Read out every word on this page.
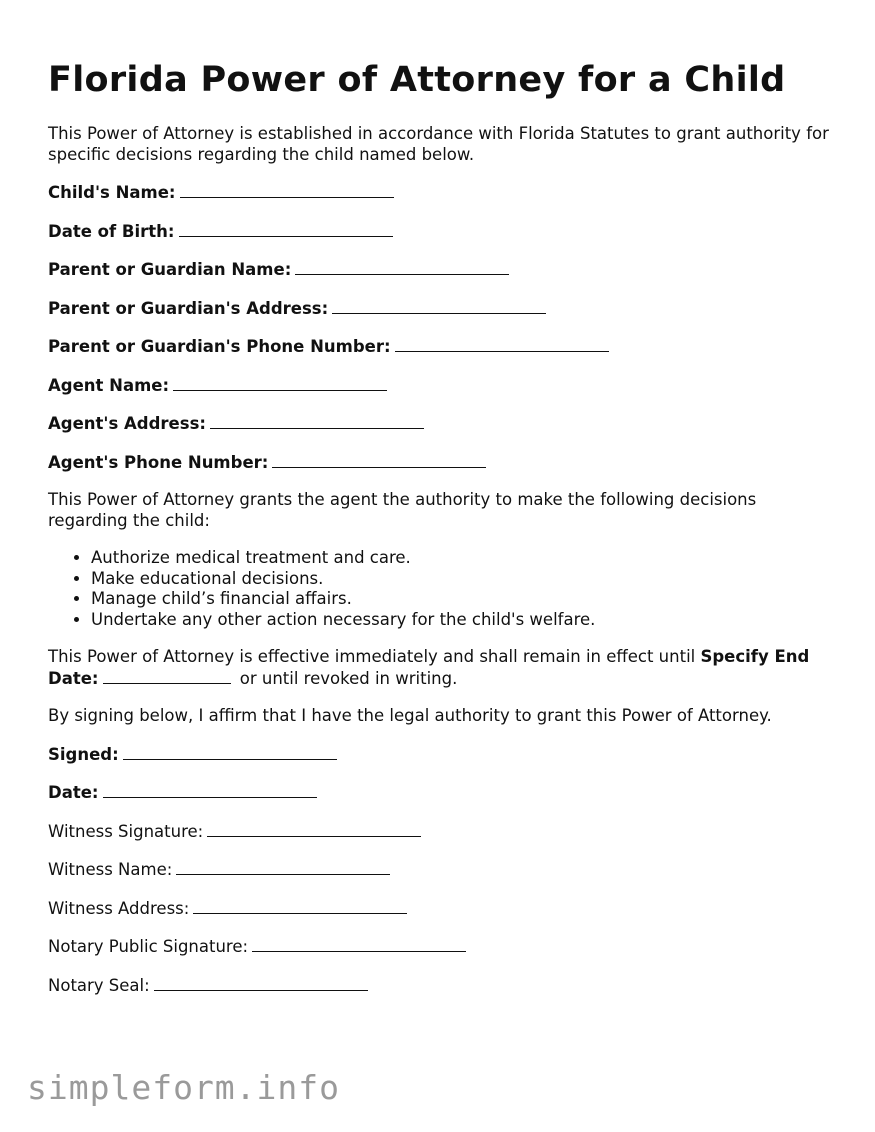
Florida Power of Attorney for a Child

This Power of Attorney is established in accordance with Florida Statutes to grant authority for specific decisions regarding the child named below.

Child's Name:
Date of Birth:
Parent or Guardian Name:
Parent or Guardian's Address:
Parent or Guardian's Phone Number:
Agent Name:
Agent's Address:
Agent's Phone Number:

This Power of Attorney grants the agent the authority to make the following decisions regarding the child:

• Authorize medical treatment and care.
• Make educational decisions.
• Manage child’s financial affairs.
• Undertake any other action necessary for the child's welfare.

This Power of Attorney is effective immediately and shall remain in effect until Specify End Date:	or until revoked in writing.

By signing below, I affirm that I have the legal authority to grant this Power of Attorney.

Signed:
Date:
Witness Signature:
Witness Name:
Witness Address:
Notary Public Signature:
Notary Seal:
simpleform.info
